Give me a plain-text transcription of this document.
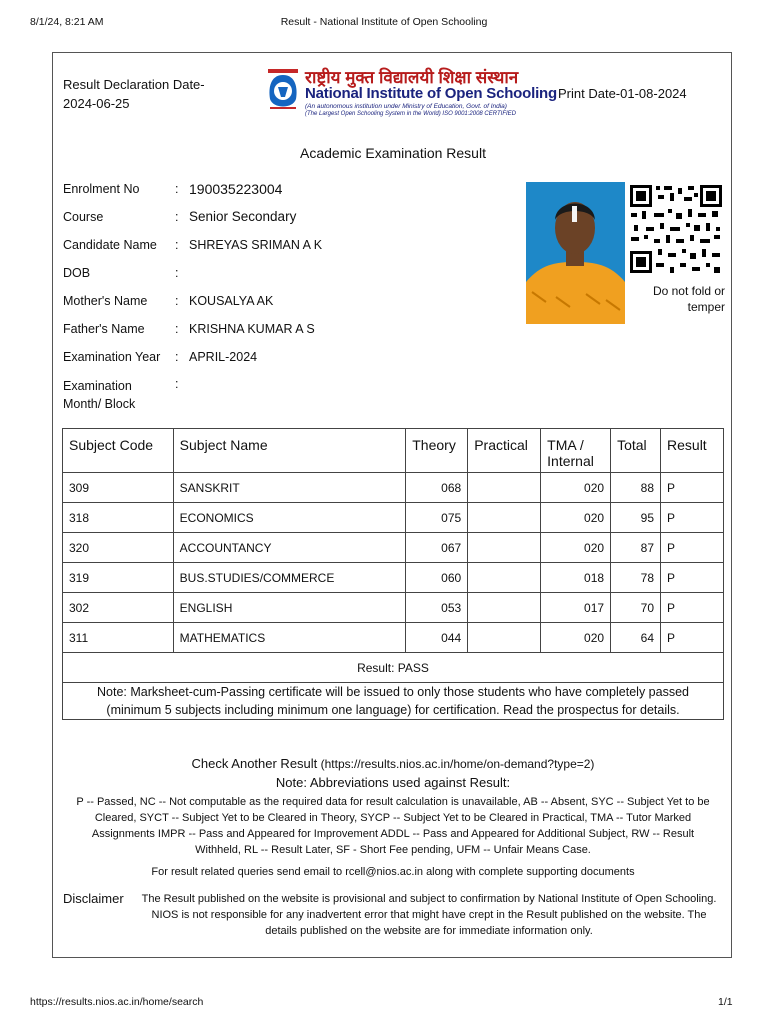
8/1/24, 8:21 AM	Result - National Institute of Open Schooling
Result Declaration Date-
2024-06-25
राष्ट्रीय मुक्त विद्यालयी शिक्षा संस्थान
National Institute of Open Schooling
(An autonomous institution under Ministry of Education, Govt. of India)
(The Largest Open Schooling System in the World) ISO 9001:2008 CERTIFIED
Print Date-01-08-2024
Academic Examination Result
Enrolment No	: 190035223004
Course	: Senior Secondary
Candidate Name : SHREYAS SRIMAN A K
DOB	:
Mother's Name : KOUSALYA AK
Father's Name : KRISHNA KUMAR A S
Examination Year : APRIL-2024
Examination
Month/ Block
:
Do not fold or
temper
Subject Code	Subject Name	Theory	Practical	TMA /
Internal	Total	Result
309	SANSKRIT	068		020	88	P
318	ECONOMICS	075		020	95	P
320	ACCOUNTANCY	067		020	87	P
319	BUS.STUDIES/COMMERCE	060		018	78	P
302	ENGLISH	053		017	70	P
311	MATHEMATICS	044		020	64	P
Result: PASS						
Note: Marksheet-cum-Passing certificate will be issued to only those students who have completely passed (minimum 5 subjects including minimum one language) for certification. Read the prospectus for details.						
Check Another Result (https://results.nios.ac.in/home/on-demand?type=2)
Note: Abbreviations used against Result:
P -- Passed, NC -- Not computable as the required data for result calculation is unavailable, AB -- Absent, SYC -- Subject Yet to be Cleared, SYCT -- Subject Yet to be Cleared in Theory, SYCP -- Subject Yet to be Cleared in Practical, TMA -- Tutor Marked Assignments IMPR -- Pass and Appeared for Improvement ADDL -- Pass and Appeared for Additional Subject, RW -- Result Withheld, RL -- Result Later, SF - Short Fee pending, UFM -- Unfair Means Case.
For result related queries send email to rcell@nios.ac.in along with complete supporting documents
Disclaimer The Result published on the website is provisional and subject to confirmation by National Institute of Open Schooling. NIOS is not responsible for any inadvertent error that might have crept in the Result published on the website. The details published on the website are for immediate information only.
https://results.nios.ac.in/home/search	1/1
